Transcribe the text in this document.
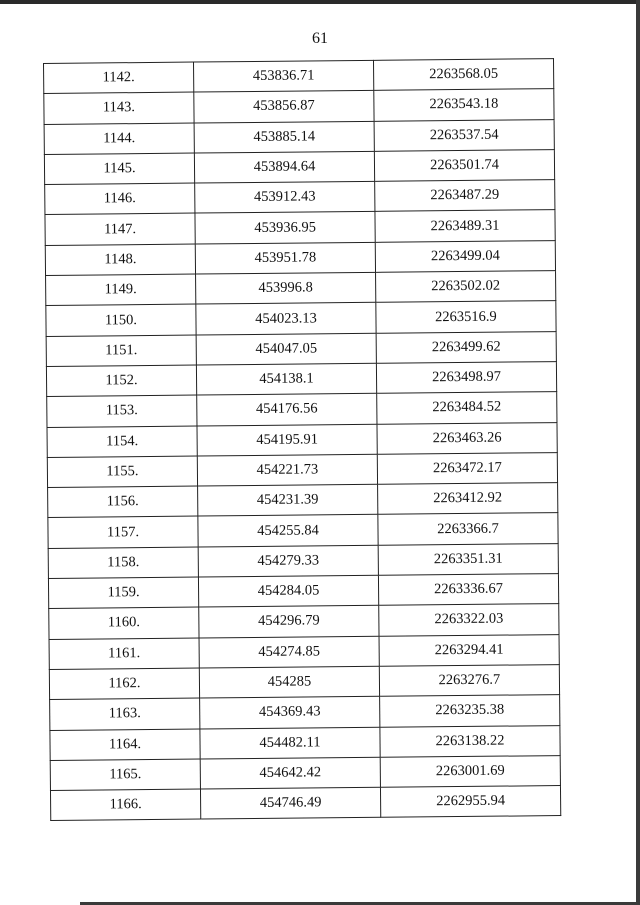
61
1142.	453836.71	2263568.05
1143.	453856.87	2263543.18
1144.	453885.14	2263537.54
1145.	453894.64	2263501.74
1146.	453912.43	2263487.29
1147.	453936.95	2263489.31
1148.	453951.78	2263499.04
1149.	453996.8	2263502.02
1150.	454023.13	2263516.9
1151.	454047.05	2263499.62
1152.	454138.1	2263498.97
1153.	454176.56	2263484.52
1154.	454195.91	2263463.26
1155.	454221.73	2263472.17
1156.	454231.39	2263412.92
1157.	454255.84	2263366.7
1158.	454279.33	2263351.31
1159.	454284.05	2263336.67
1160.	454296.79	2263322.03
1161.	454274.85	2263294.41
1162.	454285	2263276.7
1163.	454369.43	2263235.38
1164.	454482.11	2263138.22
1165.	454642.42	2263001.69
1166.	454746.49	2262955.94
